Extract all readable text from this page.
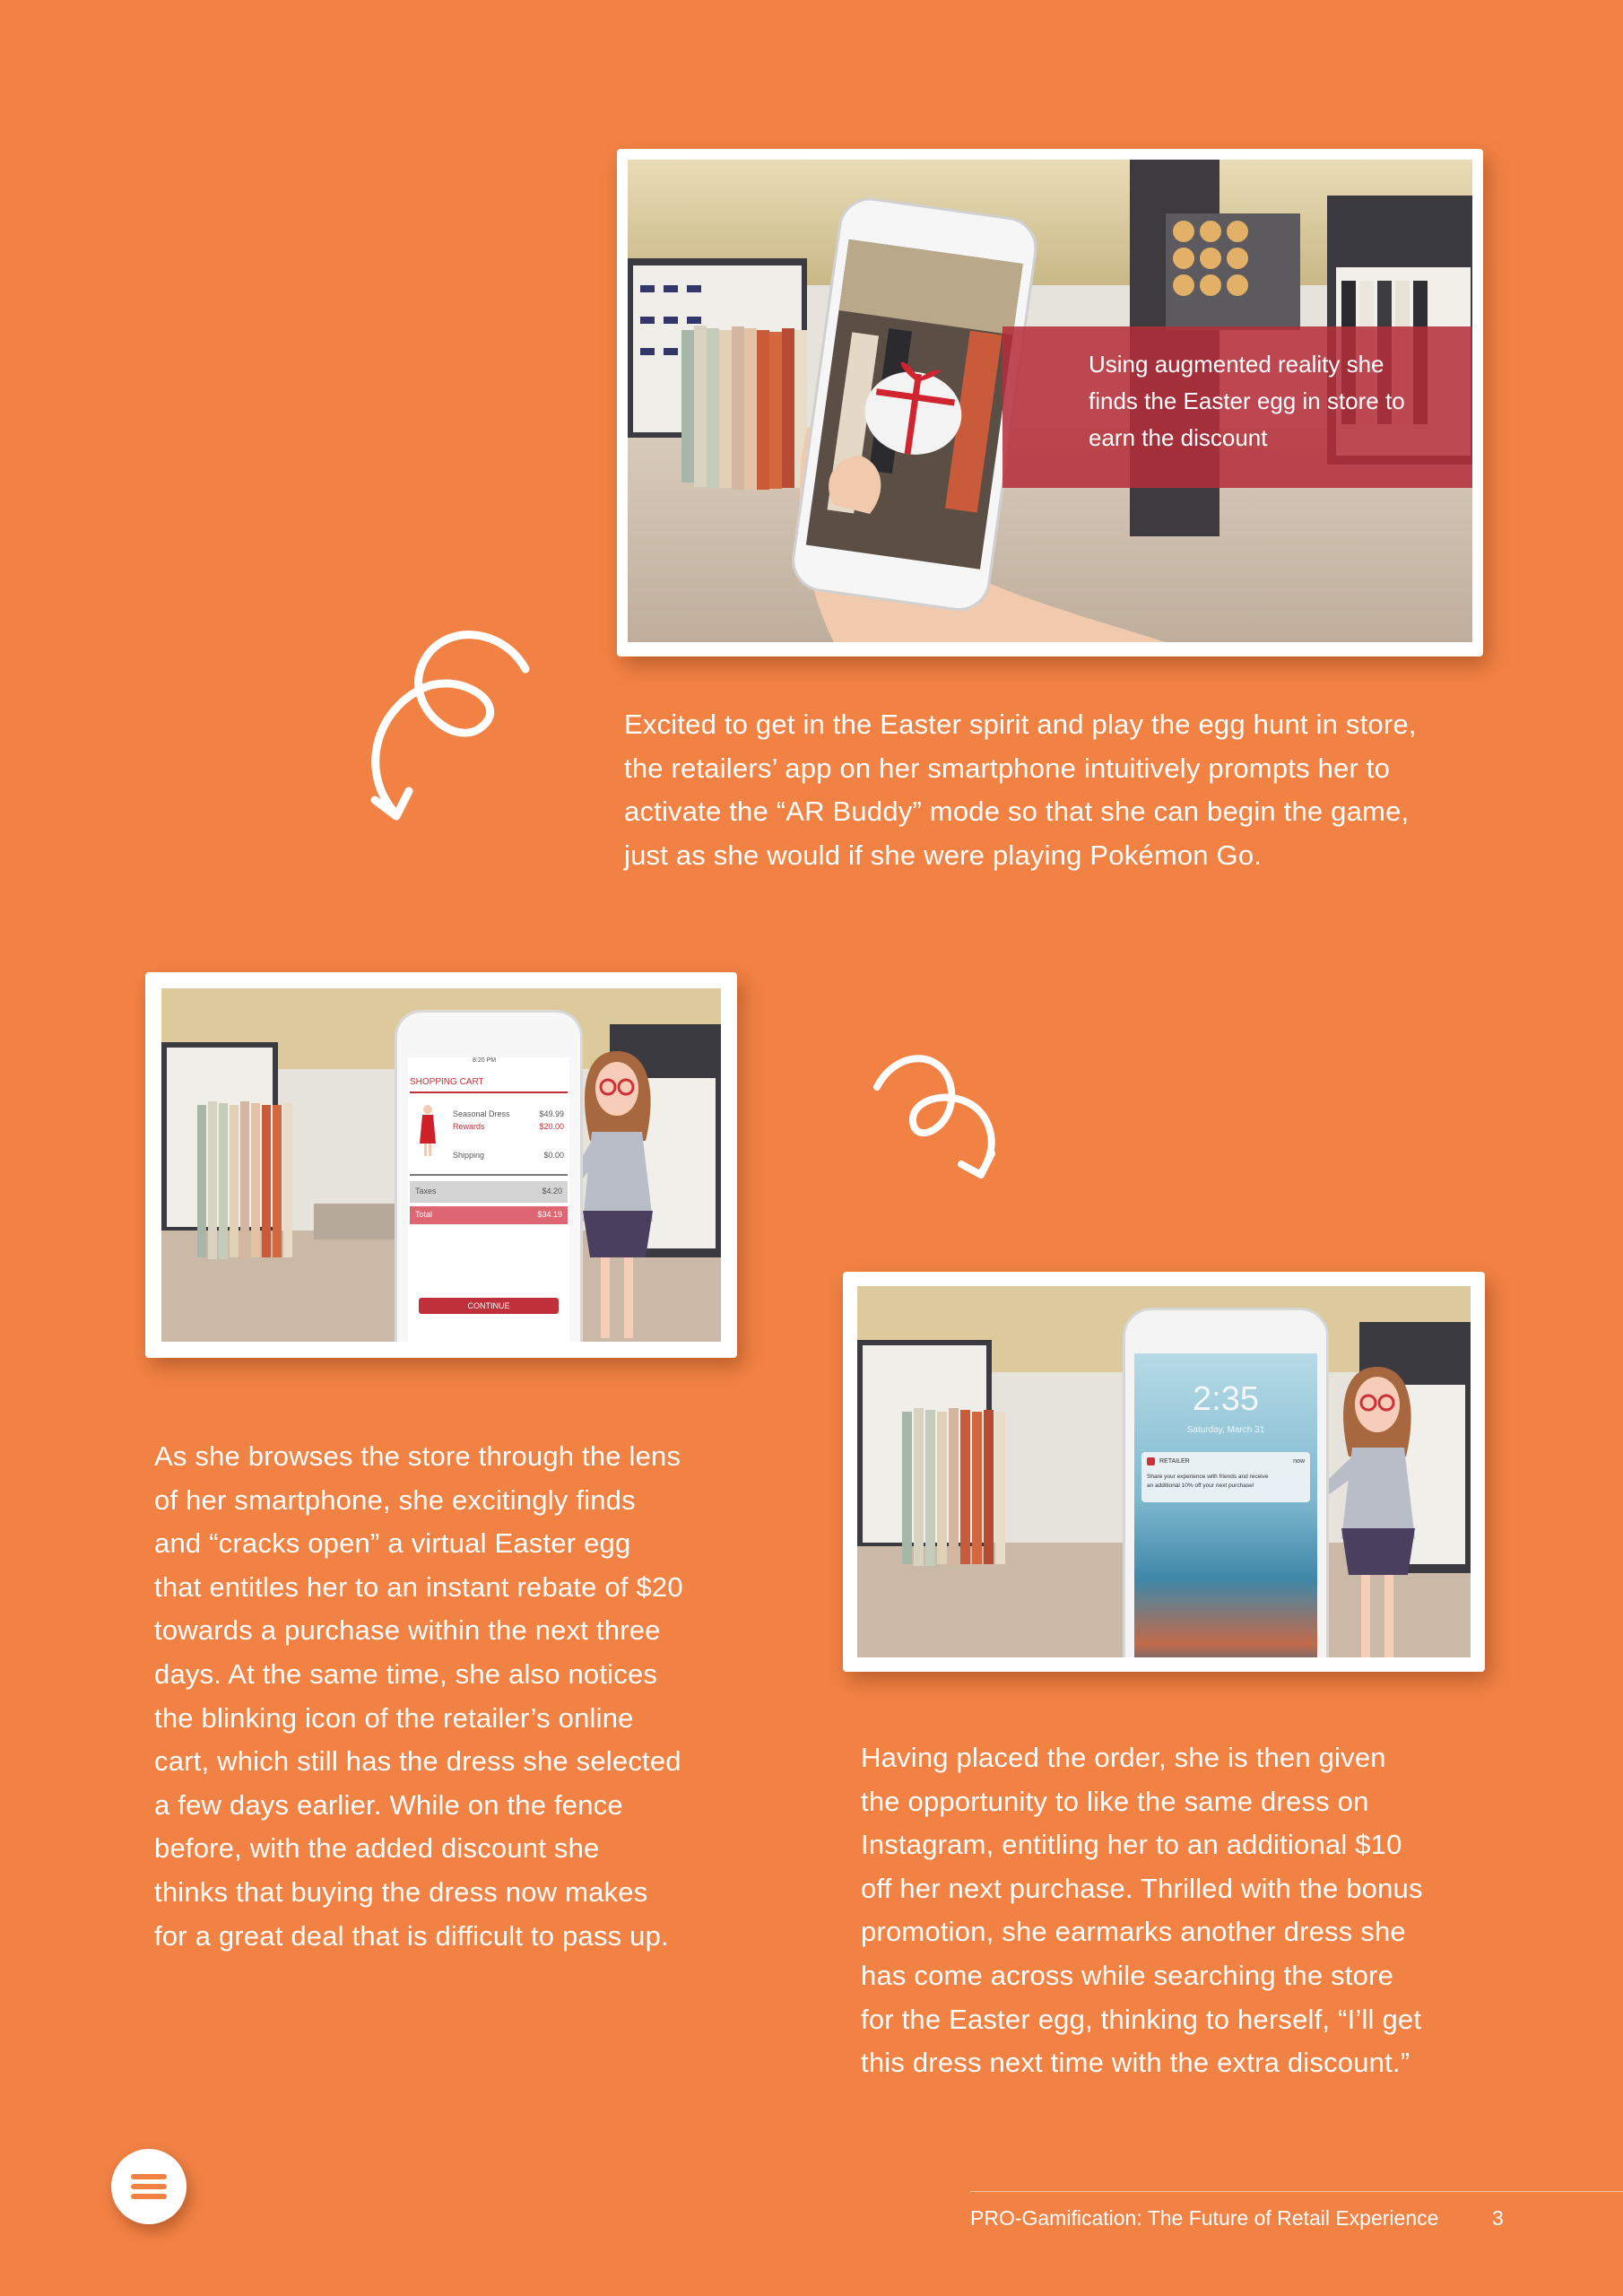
Using augmented reality she
finds the Easter egg in store to
earn the discount
Excited to get in the Easter spirit and play the egg hunt in store,
the retailers’ app on her smartphone intuitively prompts her to
activate the “AR Buddy” mode so that she can begin the game,
just as she would if she were playing Pokémon Go.
8:20 PM
SHOPPING CART
Seasonal Dress	$49.99
Rewards	$20.00
Shipping	$0.00
Taxes	$4.20
Total	$34.19
CONTINUE
2:35
Saturday, March 31
RETAILER	now
Share your experience with friends and receive
an additional 10% off your next purchase!
As she browses the store through the lens
of her smartphone, she excitingly finds
and “cracks open” a virtual Easter egg
that entitles her to an instant rebate of $20
towards a purchase within the next three
days. At the same time, she also notices
the blinking icon of the retailer’s online
cart, which still has the dress she selected
a few days earlier. While on the fence
before, with the added discount she
thinks that buying the dress now makes
for a great deal that is difficult to pass up.
Having placed the order, she is then given
the opportunity to like the same dress on
Instagram, entitling her to an additional $10
off her next purchase. Thrilled with the bonus
promotion, she earmarks another dress she
has come across while searching the store
for the Easter egg, thinking to herself, “I’ll get
this dress next time with the extra discount.”
PRO-Gamification: The Future of Retail Experience	3
